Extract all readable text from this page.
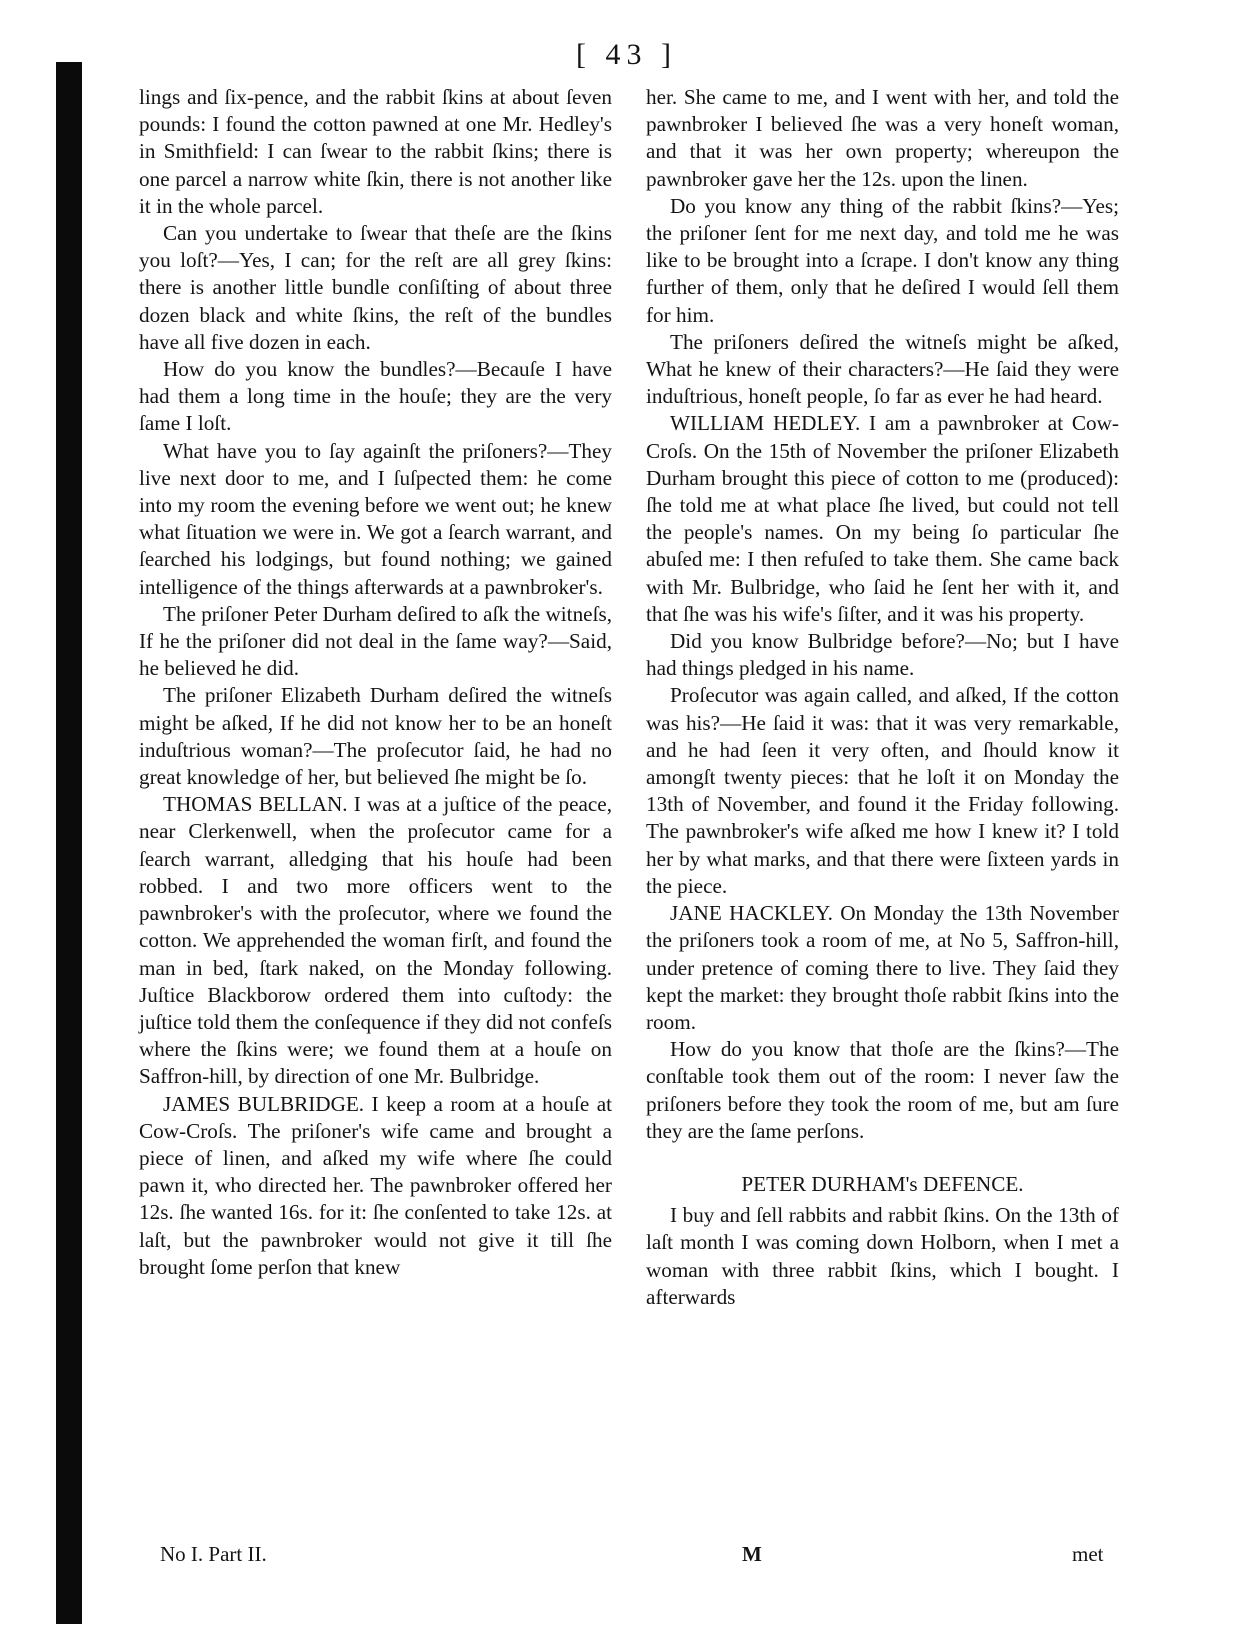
[ 43 ]

lings and ſix-pence, and the rabbit ſkins at about ſeven pounds: I found the cotton pawned at one Mr. Hedley's in Smithfield: I can ſwear to the rabbit ſkins; there is one parcel a narrow white ſkin, there is not another like it in the whole parcel.

Can you undertake to ſwear that theſe are the ſkins you loſt?—Yes, I can; for the reſt are all grey ſkins: there is another little bundle conſiſting of about three dozen black and white ſkins, the reſt of the bundles have all five dozen in each.

How do you know the bundles?—Becauſe I have had them a long time in the houſe; they are the very ſame I loſt.

What have you to ſay againſt the priſoners?—They live next door to me, and I ſuſpected them: he come into my room the evening before we went out; he knew what ſituation we were in. We got a ſearch warrant, and ſearched his lodgings, but found nothing; we gained intelligence of the things afterwards at a pawnbroker's.

The priſoner Peter Durham deſired to aſk the witneſs, If he the priſoner did not deal in the ſame way?—Said, he believed he did.

The priſoner Elizabeth Durham deſired the witneſs might be aſked, If he did not know her to be an honeſt induſtrious woman?—The proſecutor ſaid, he had no great knowledge of her, but believed ſhe might be ſo.

THOMAS BELLAN. I was at a juſtice of the peace, near Clerkenwell, when the proſecutor came for a ſearch warrant, alledging that his houſe had been robbed. I and two more officers went to the pawnbroker's with the proſecutor, where we found the cotton. We apprehended the woman firſt, and found the man in bed, ſtark naked, on the Monday following. Juſtice Blackborow ordered them into cuſtody: the juſtice told them the conſequence if they did not confeſs where the ſkins were; we found them at a houſe on Saffron-hill, by direction of one Mr. Bulbridge.

JAMES BULBRIDGE. I keep a room at a houſe at Cow-Croſs. The priſoner's wife came and brought a piece of linen, and aſked my wife where ſhe could pawn it, who directed her. The pawnbroker offered her 12s. ſhe wanted 16s. for it: ſhe conſented to take 12s. at laſt, but the pawnbroker would not give it till ſhe brought ſome perſon that knew

her. She came to me, and I went with her, and told the pawnbroker I believed ſhe was a very honeſt woman, and that it was her own property; whereupon the pawnbroker gave her the 12s. upon the linen.

Do you know any thing of the rabbit ſkins?—Yes; the priſoner ſent for me next day, and told me he was like to be brought into a ſcrape. I don't know any thing further of them, only that he deſired I would ſell them for him.

The priſoners deſired the witneſs might be aſked, What he knew of their characters?—He ſaid they were induſtrious, honeſt people, ſo far as ever he had heard.

WILLIAM HEDLEY. I am a pawnbroker at Cow-Croſs. On the 15th of November the priſoner Elizabeth Durham brought this piece of cotton to me (produced): ſhe told me at what place ſhe lived, but could not tell the people's names. On my being ſo particular ſhe abuſed me: I then refuſed to take them. She came back with Mr. Bulbridge, who ſaid he ſent her with it, and that ſhe was his wife's ſiſter, and it was his property.

Did you know Bulbridge before?—No; but I have had things pledged in his name.

Proſecutor was again called, and aſked, If the cotton was his?—He ſaid it was: that it was very remarkable, and he had ſeen it very often, and ſhould know it amongſt twenty pieces: that he loſt it on Monday the 13th of November, and found it the Friday following. The pawnbroker's wife aſked me how I knew it? I told her by what marks, and that there were ſixteen yards in the piece.

JANE HACKLEY. On Monday the 13th November the priſoners took a room of me, at No 5, Saffron-hill, under pretence of coming there to live. They ſaid they kept the market: they brought thoſe rabbit ſkins into the room.

How do you know that thoſe are the ſkins?—The conſtable took them out of the room: I never ſaw the priſoners before they took the room of me, but am ſure they are the ſame perſons.

PETER DURHAM's DEFENCE.

I buy and ſell rabbits and rabbit ſkins. On the 13th of laſt month I was coming down Holborn, when I met a woman with three rabbit ſkins, which I bought. I afterwards

No I. Part II.	M	met
